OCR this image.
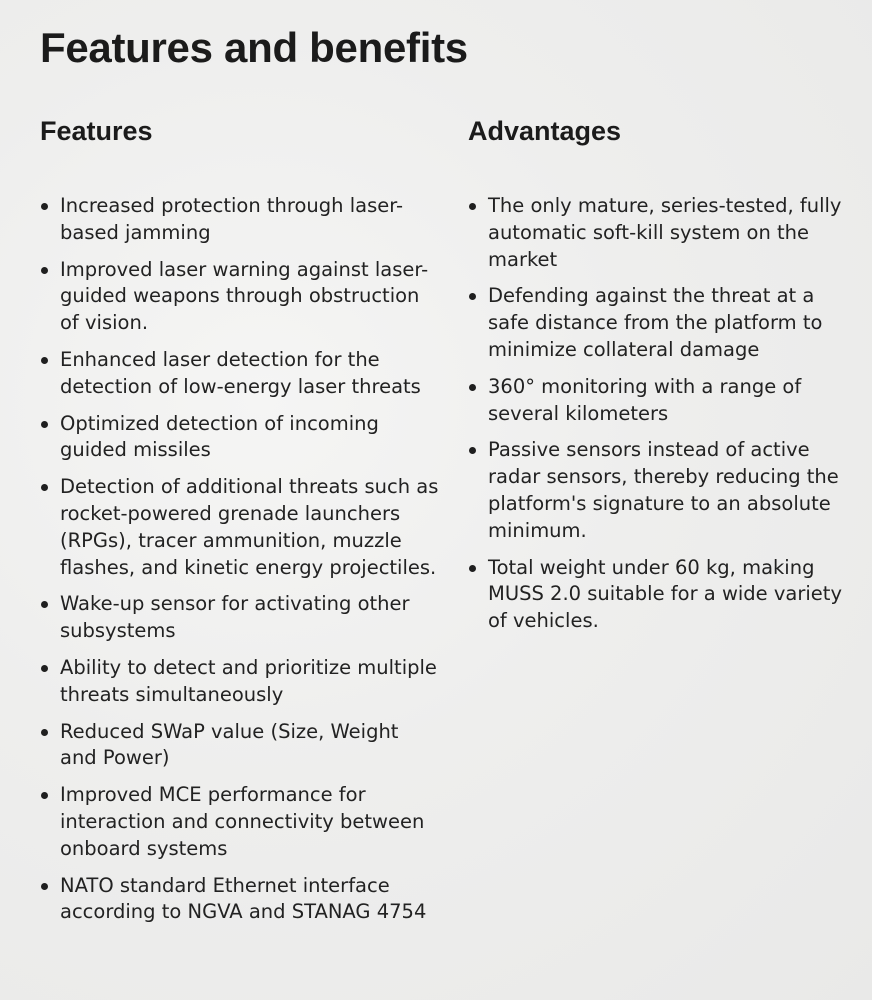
Features and benefits
Features
Increased protection through laser-based jamming
Improved laser warning against laser-guided weapons through obstruction of vision.
Enhanced laser detection for the detection of low-energy laser threats
Optimized detection of incoming guided missiles
Detection of additional threats such as rocket-powered grenade launchers (RPGs), tracer ammunition, muzzle flashes, and kinetic energy projectiles.
Wake-up sensor for activating other subsystems
Ability to detect and prioritize multiple threats simultaneously
Reduced SWaP value (Size, Weight and Power)
Improved MCE performance for interaction and connectivity between onboard systems
NATO standard Ethernet interface according to NGVA and STANAG 4754
Advantages
The only mature, series-tested, fully automatic soft-kill system on the market
Defending against the threat at a safe distance from the platform to minimize collateral damage
360° monitoring with a range of several kilometers
Passive sensors instead of active radar sensors, thereby reducing the platform's signature to an absolute minimum.
Total weight under 60 kg, making MUSS 2.0 suitable for a wide variety of vehicles.
